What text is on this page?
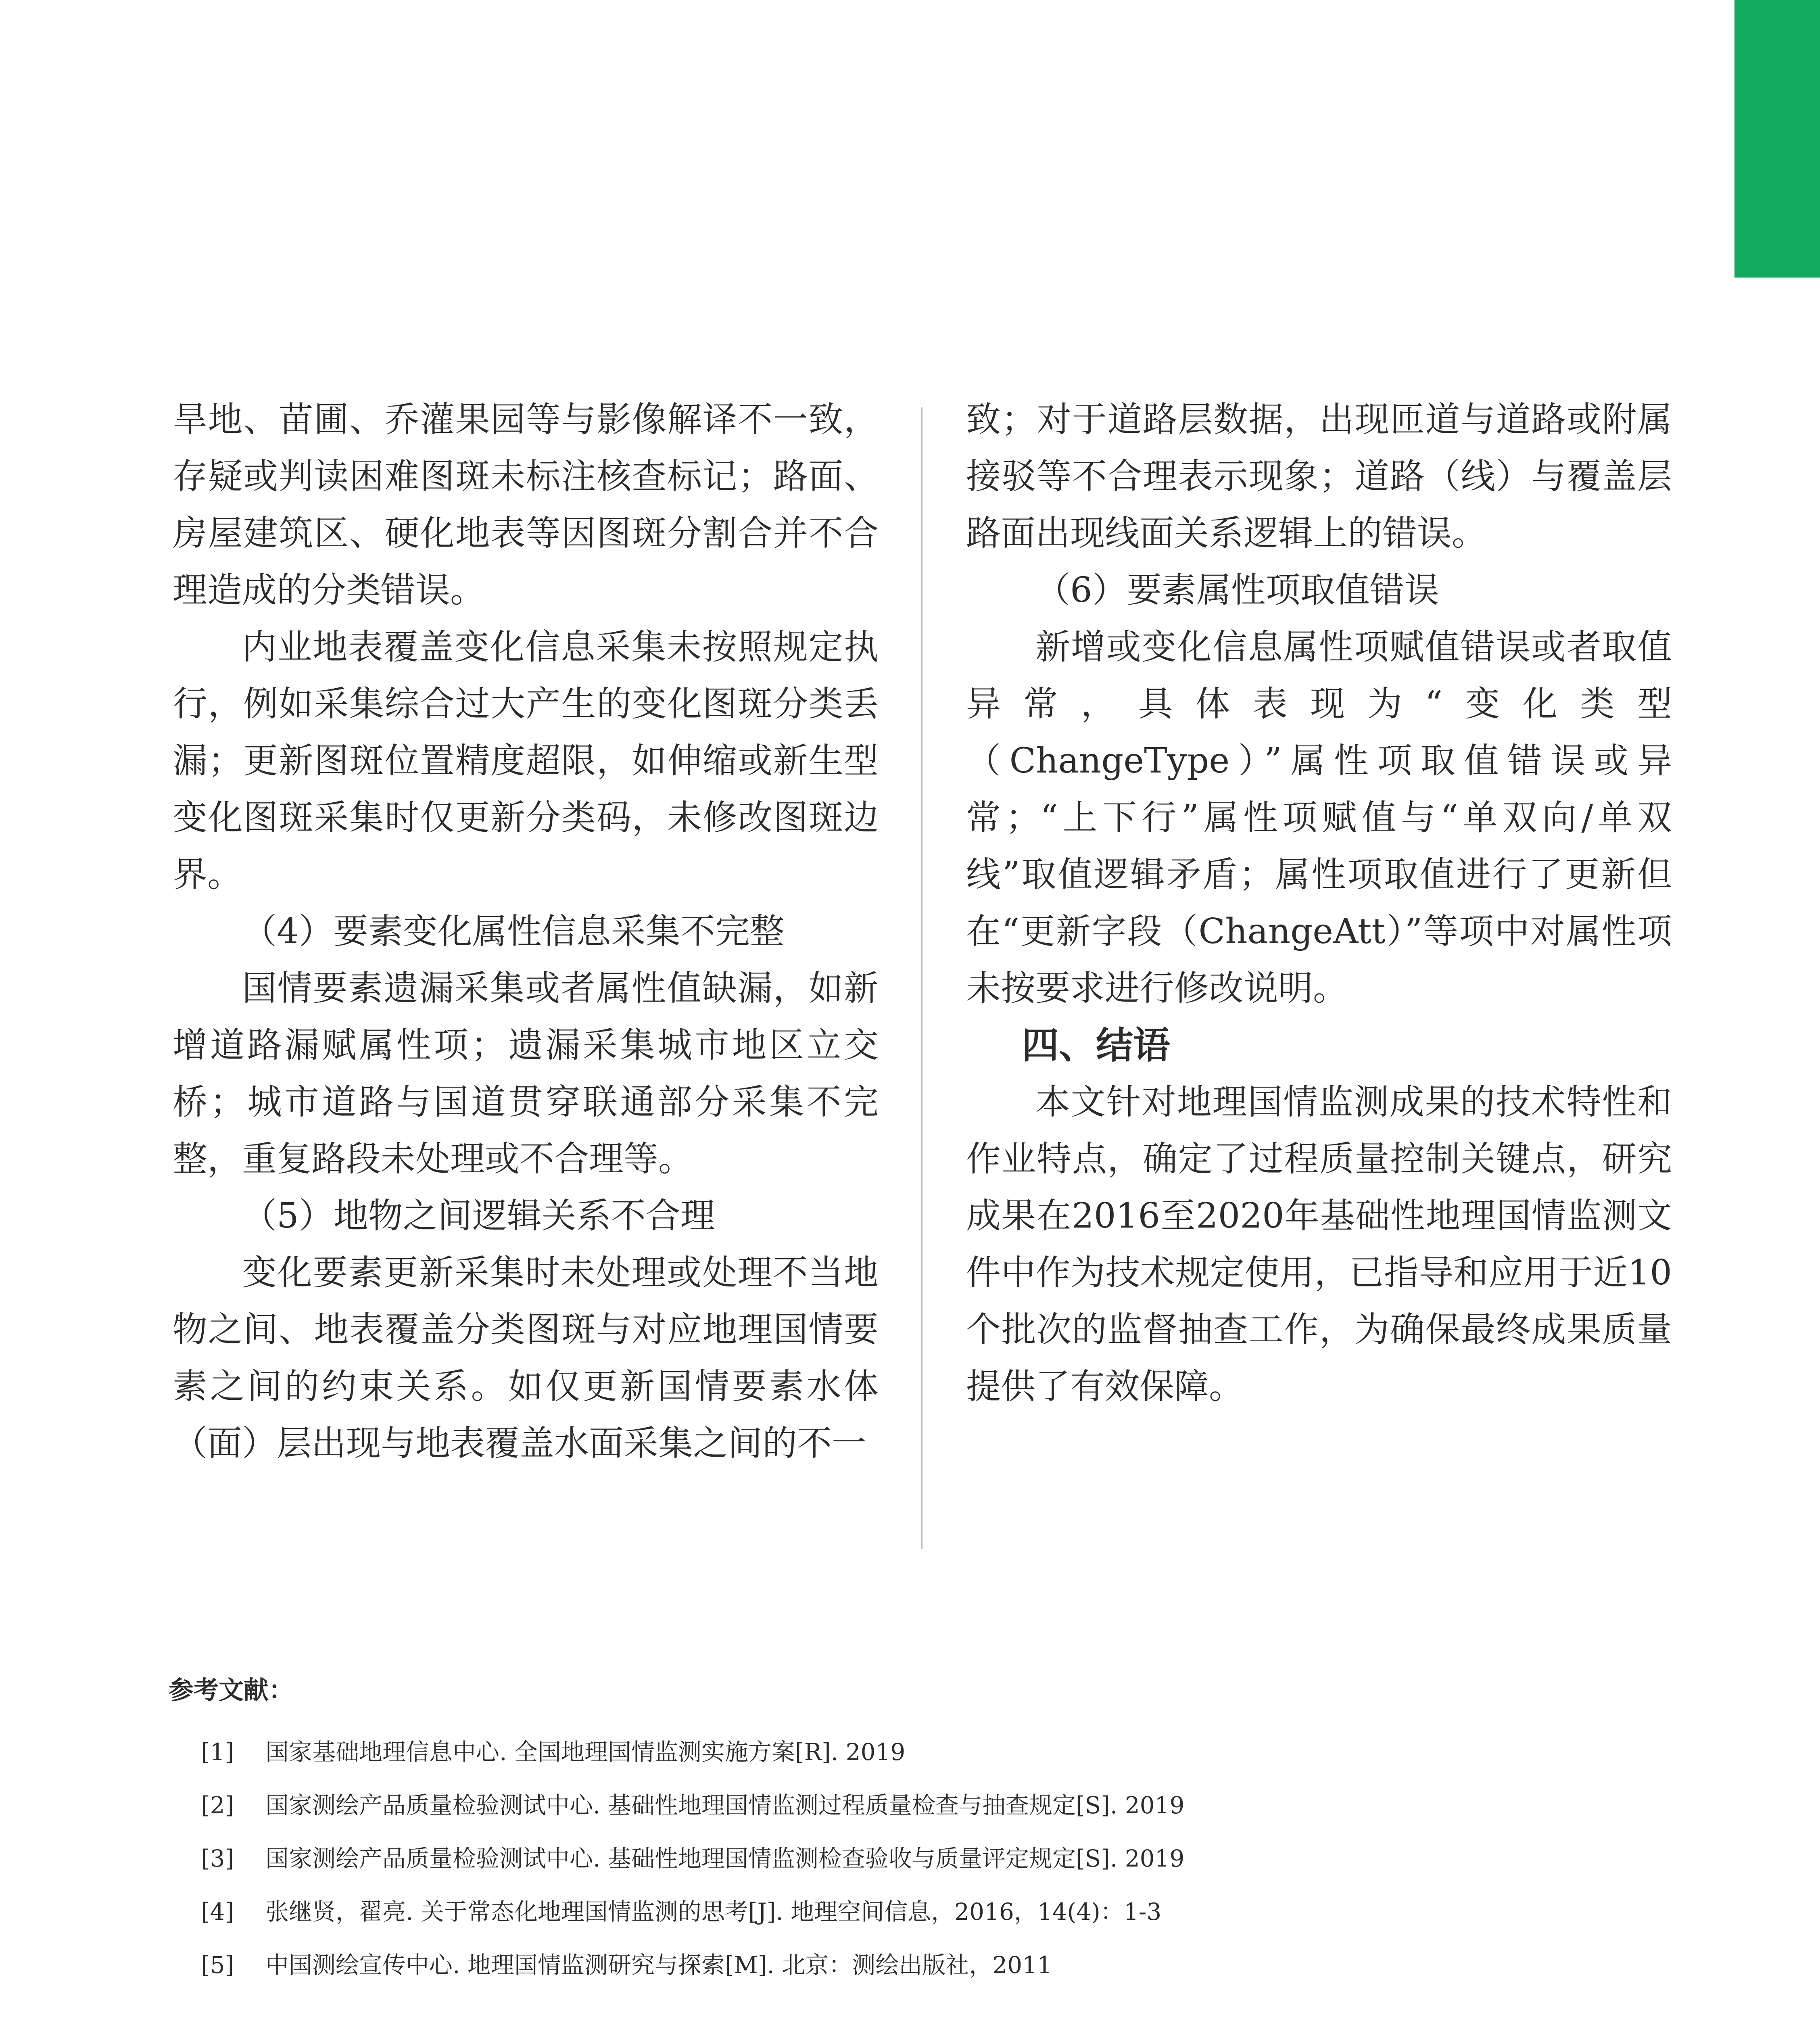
旱地、苗圃、乔灌果园等与影像解译不一致，存疑或判读困难图斑未标注核查标记；路面、房屋建筑区、硬化地表等因图斑分割合并不合理造成的分类错误。

内业地表覆盖变化信息采集未按照规定执行，例如采集综合过大产生的变化图斑分类丢漏；更新图斑位置精度超限，如伸缩或新生型变化图斑采集时仅更新分类码，未修改图斑边界。

（4）要素变化属性信息采集不完整

国情要素遗漏采集或者属性值缺漏，如新增道路漏赋属性项；遗漏采集城市地区立交桥；城市道路与国道贯穿联通部分采集不完整，重复路段未处理或不合理等。

（5）地物之间逻辑关系不合理

变化要素更新采集时未处理或处理不当地物之间、地表覆盖分类图斑与对应地理国情要素之间的约束关系。如仅更新国情要素水体（面）层出现与地表覆盖水面采集之间的不一

致；对于道路层数据，出现匝道与道路或附属接驳等不合理表示现象；道路（线）与覆盖层路面出现线面关系逻辑上的错误。

（6）要素属性项取值错误

新增或变化信息属性项赋值错误或者取值异常，具体表现为“变化类型（ChangeType）”属性项取值错误或异常；“上下行”属性项赋值与“单双向/单双线”取值逻辑矛盾；属性项取值进行了更新但在“更新字段（ChangeAtt）”等项中对属性项未按要求进行修改说明。

四、结语

本文针对地理国情监测成果的技术特性和作业特点，确定了过程质量控制关键点，研究成果在2016至2020年基础性地理国情监测文件中作为技术规定使用，已指导和应用于近10个批次的监督抽查工作，为确保最终成果质量提供了有效保障。

参考文献：
[1] 国家基础地理信息中心. 全国地理国情监测实施方案[R]. 2019
[2] 国家测绘产品质量检验测试中心. 基础性地理国情监测过程质量检查与抽查规定[S]. 2019
[3] 国家测绘产品质量检验测试中心. 基础性地理国情监测检查验收与质量评定规定[S]. 2019
[4] 张继贤，翟亮. 关于常态化地理国情监测的思考[J]. 地理空间信息，2016，14(4)：1-3
[5] 中国测绘宣传中心. 地理国情监测研究与探索[M]. 北京：测绘出版社，2011
